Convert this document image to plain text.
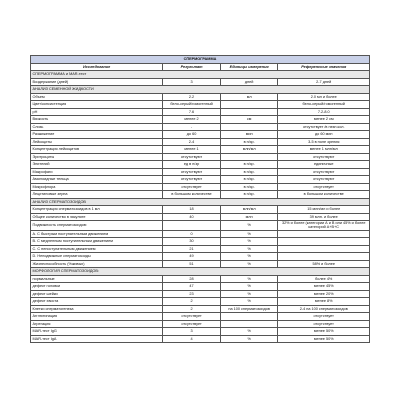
СПЕРМОГРАММА			
Исследование	Результат	Единицы измерения	Референсные значения
СПЕРМОГРАММА и MAR-тест			
Воздержание (дней)	3	дней	2-7 дней
АНАЛИЗ СЕМЕННОЙ ЖИДКОСТИ			
Объем	2.2	мл	2.0 мл и более
Цвет/консистенция	бело-серый/гомогенный		бело-серый/гомогенный
pH	7.6		7.2-8.0
Вязкость	менее 2	см	менее 2 см
Слизь	-		отсутствует /в незн.кол.
Разжижение	до 60	мин	до 60 мин
Лейкоциты	2-4	в п/зр.	3-5 в поле зрения
Концентрация лейкоцитов	менее 1	млн/мл	менее 1 млн/мл
Эритроциты	отсутствуют		отсутствуют
Эпителий	ед в п/зр	в п/зр.	единичные
Макрофаги	отсутствуют	в п/зр.	отсутствуют
Амилоидные тельца	отсутствуют	в п/зр.	отсутствуют
Микрофлора	отсутствует	в п/зр.	отсутствует
Лецитиновые зерна	в большом количестве	в п/зр.	в большом количестве
АНАЛИЗ СПЕРМАТОЗОИДОВ			
Концентрация сперматозоидов в 1 мл	18	млн/мл	15 млн/мл и более
Общее количество в эякуляте	40	млн	39 млн. и более
Подвижность сперматозоидов:		%	32% и более (категории А и В или 45% и более категорий A+B+C
A. С быстрым поступательным движением	0	%	
B. С медленным поступательным движением	30	%	
C. С непоступательным движением	21	%	
D. Неподвижные сперматозоиды	49	%	
Жизнеспособность (%живых)	51	%	58% и более
МОРФОЛОГИЯ СПЕРМАТОЗОИДОВ:			
нормальные	28	%	более 4%
дефект головки	47	%	менее 45%
дефект шейки	23	%	менее 20%
дефект хвоста	2	%	менее 8%
Клетки сперматогенеза	2	на 100 сперматозоидов	2-4 на 100 сперматозоидов
Агглютинация	отсутствует		отсутствует
Агрегация	отсутствует		отсутствует
MAR-тест IgG	3	%	менее 50%
MAR-тест IgA	4	%	менее 50%
